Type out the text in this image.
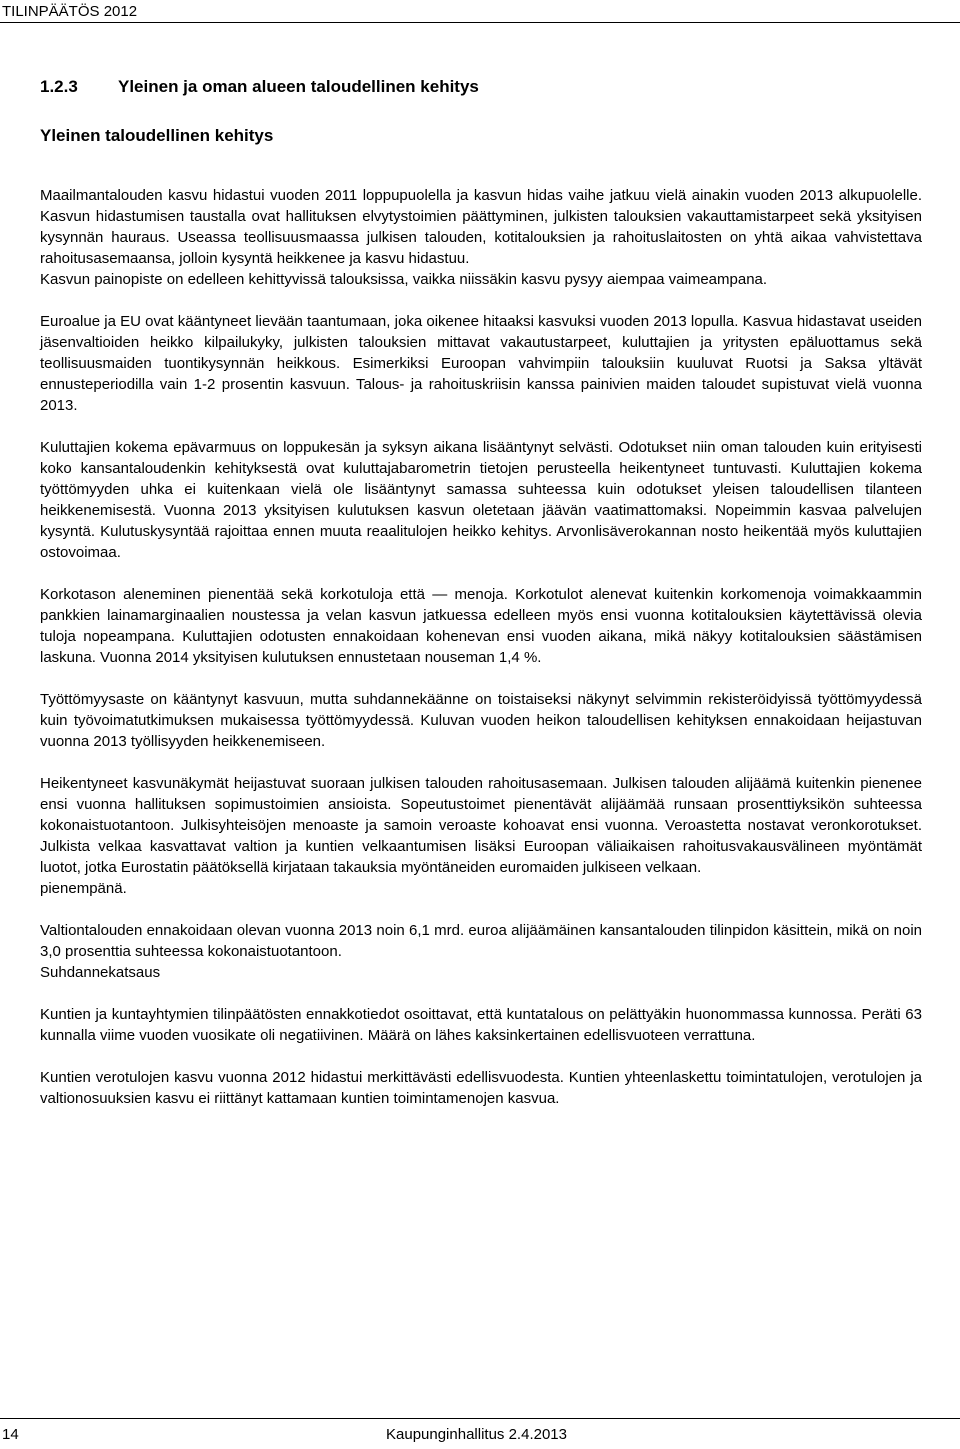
TILINPÄÄTÖS 2012
1.2.3 Yleinen ja oman alueen taloudellinen kehitys
Yleinen taloudellinen kehitys

Maailmantalouden kasvu hidastui vuoden 2011 loppupuolella ja kasvun hidas vaihe jatkuu vielä ainakin vuoden 2013 alkupuolelle. Kasvun hidastumisen taustalla ovat hallituksen elvytystoimien päättyminen, julkisten talouksien vakauttamistarpeet sekä yksityisen kysynnän hauraus. Useassa teollisuusmaassa julkisen talouden, kotitalouksien ja rahoituslaitosten on yhtä aikaa vahvistettava rahoitusasemaansa, jolloin kysyntä heikkenee ja kasvu hidastuu.

Kasvun painopiste on edelleen kehittyvissä talouksissa, vaikka niissäkin kasvu pysyy aiempaa vaimeampana.

Euroalue ja EU ovat kääntyneet lievään taantumaan, joka oikenee hitaaksi kasvuksi vuoden 2013 lopulla. Kasvua hidastavat useiden jäsenvaltioiden heikko kilpailukyky, julkisten talouksien mittavat vakautustarpeet, kuluttajien ja yritysten epäluottamus sekä teollisuusmaiden tuontikysynnän heikkous. Esimerkiksi Euroopan vahvimpiin talouksiin kuuluvat Ruotsi ja Saksa yltävät ennusteperiodilla vain 1-2 prosentin kasvuun. Talous- ja rahoituskriisin kanssa painivien maiden taloudet supistuvat vielä vuonna 2013.

Kuluttajien kokema epävarmuus on loppukesän ja syksyn aikana lisääntynyt selvästi. Odotukset niin oman talouden kuin erityisesti koko kansantaloudenkin kehityksestä ovat kuluttajabarometrin tietojen perusteella heikentyneet tuntuvasti. Kuluttajien kokema työttömyyden uhka ei kuitenkaan vielä ole lisääntynyt samassa suhteessa kuin odotukset yleisen taloudellisen tilanteen heikkenemisestä. Vuonna 2013 yksityisen kulutuksen kasvun oletetaan jäävän vaatimattomaksi. Nopeimmin kasvaa palvelujen kysyntä. Kulutuskysyntää rajoittaa ennen muuta reaalitulojen heikko kehitys. Arvonlisäverokannan nosto heikentää myös kuluttajien ostovoimaa.

Korkotason aleneminen pienentää sekä korkotuloja että — menoja. Korkotulot alenevat kuitenkin korkomenoja voimakkaammin pankkien lainamarginaalien noustessa ja velan kasvun jatkuessa edelleen myös ensi vuonna kotitalouksien käytettävissä olevia tuloja nopeampana. Kuluttajien odotusten ennakoidaan kohenevan ensi vuoden aikana, mikä näkyy kotitalouksien säästämisen laskuna. Vuonna 2014 yksityisen kulutuksen ennustetaan nouseman 1,4 %.

Työttömyysaste on kääntynyt kasvuun, mutta suhdannekäänne on toistaiseksi näkynyt selvimmin rekisteröidyissä työttömyydessä kuin työvoimatutkimuksen mukaisessa työttömyydessä. Kuluvan vuoden heikon taloudellisen kehityksen ennakoidaan heijastuvan vuonna 2013 työllisyyden heikkenemiseen.

Heikentyneet kasvunäkymät heijastuvat suoraan julkisen talouden rahoitusasemaan. Julkisen talouden alijäämä kuitenkin pienenee ensi vuonna hallituksen sopimustoimien ansioista. Sopeutustoimet pienentävät alijäämää runsaan prosenttiyksikön suhteessa kokonaistuotantoon. Julkisyhteisöjen menoaste ja samoin veroaste kohoavat ensi vuonna. Veroastetta nostavat veronkorotukset. Julkista velkaa kasvattavat valtion ja kuntien velkaantumisen lisäksi Euroopan väliaikaisen rahoitusvakausvälineen myöntämät luotot, jotka Eurostatin päätöksellä kirjataan takauksia myöntäneiden euromaiden julkiseen velkaan.

pienempänä.

Valtiontalouden ennakoidaan olevan vuonna 2013 noin 6,1 mrd. euroa alijäämäinen kansantalouden tilinpidon käsittein, mikä on noin 3,0 prosenttia suhteessa kokonaistuotantoon.

Suhdannekatsaus

Kuntien ja kuntayhtymien tilinpäätösten ennakkotiedot osoittavat, että kuntatalous on pelättyäkin huonommassa kunnossa. Peräti 63 kunnalla viime vuoden vuosikate oli negatiivinen. Määrä on lähes kaksinkertainen edellisvuoteen verrattuna.

Kuntien verotulojen kasvu vuonna 2012 hidastui merkittävästi edellisvuodesta. Kuntien yhteenlaskettu toimintatulojen, verotulojen ja valtionosuuksien kasvu ei riittänyt kattamaan kuntien toimintamenojen kasvua.

14	Kaupunginhallitus 2.4.2013
